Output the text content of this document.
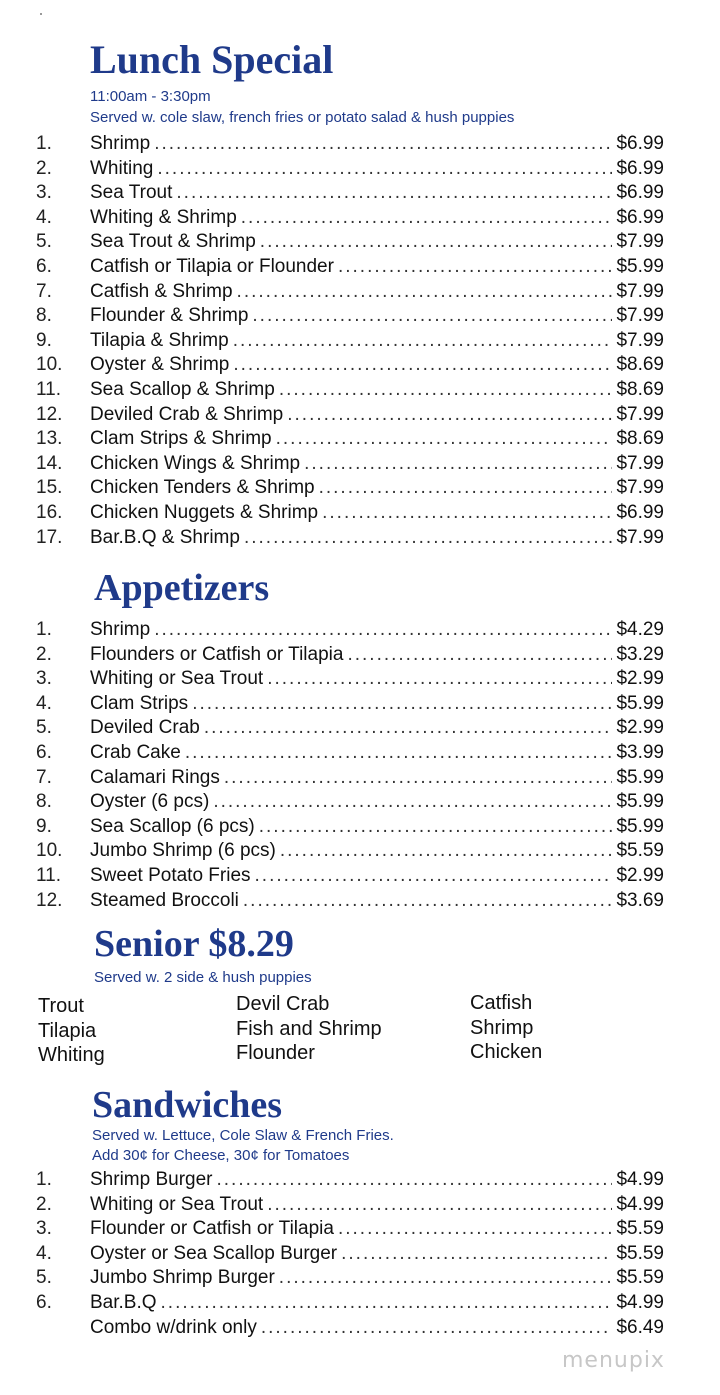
Lunch Special

11:00am - 3:30pm

Served w. cole slaw, french fries or potato salad & hush puppies

1.	Shrimp .....	$6.99
2.	Whiting .....	$6.99
3.	Sea Trout .....	$6.99
4.	Whiting & Shrimp .....	$6.99
5.	Sea Trout & Shrimp .....	$7.99
6.	Catfish or Tilapia or Flounder .....	$5.99
7.	Catfish & Shrimp .....	$7.99
8.	Flounder & Shrimp .....	$7.99
9.	Tilapia & Shrimp .....	$7.99
10.	Oyster & Shrimp .....	$8.69
11.	Sea Scallop & Shrimp .....	$8.69
12.	Deviled Crab & Shrimp .....	$7.99
13.	Clam Strips & Shrimp .....	$8.69
14.	Chicken Wings & Shrimp .....	$7.99
15.	Chicken Tenders & Shrimp .....	$7.99
16.	Chicken Nuggets & Shrimp .....	$6.99
17.	Bar.B.Q & Shrimp .....	$7.99
Appetizers
1.	Shrimp .....	$4.29
2.	Flounders or Catfish or Tilapia .....	$3.29
3.	Whiting or Sea Trout .....	$2.99
4.	Clam Strips .....	$5.99
5.	Deviled Crab .....	$2.99
6.	Crab Cake .....	$3.99
7.	Calamari Rings .....	$5.99
8.	Oyster (6 pcs) .....	$5.99
9.	Sea Scallop (6 pcs) .....	$5.99
10.	Jumbo Shrimp (6 pcs) .....	$5.59
11.	Sweet Potato Fries .....	$2.99
12.	Steamed Broccoli .....	$3.69
Senior $8.29

Served w. 2 side & hush puppies

Trout
Tilapia
Whiting
Devil Crab
Fish and Shrimp
Flounder
Catfish
Shrimp
Chicken
Sandwiches

Served w. Lettuce, Cole Slaw & French Fries.

Add 30¢ for Cheese, 30¢ for Tomatoes

1.	Shrimp Burger .....	$4.99
2.	Whiting or Sea Trout .....	$4.99
3.	Flounder or Catfish or Tilapia .....	$5.59
4.	Oyster or Sea Scallop Burger .....	$5.59
5.	Jumbo Shrimp Burger .....	$5.59
6.	Bar.B.Q .....	$4.99
Combo w/drink only .....	$6.49
menupix
